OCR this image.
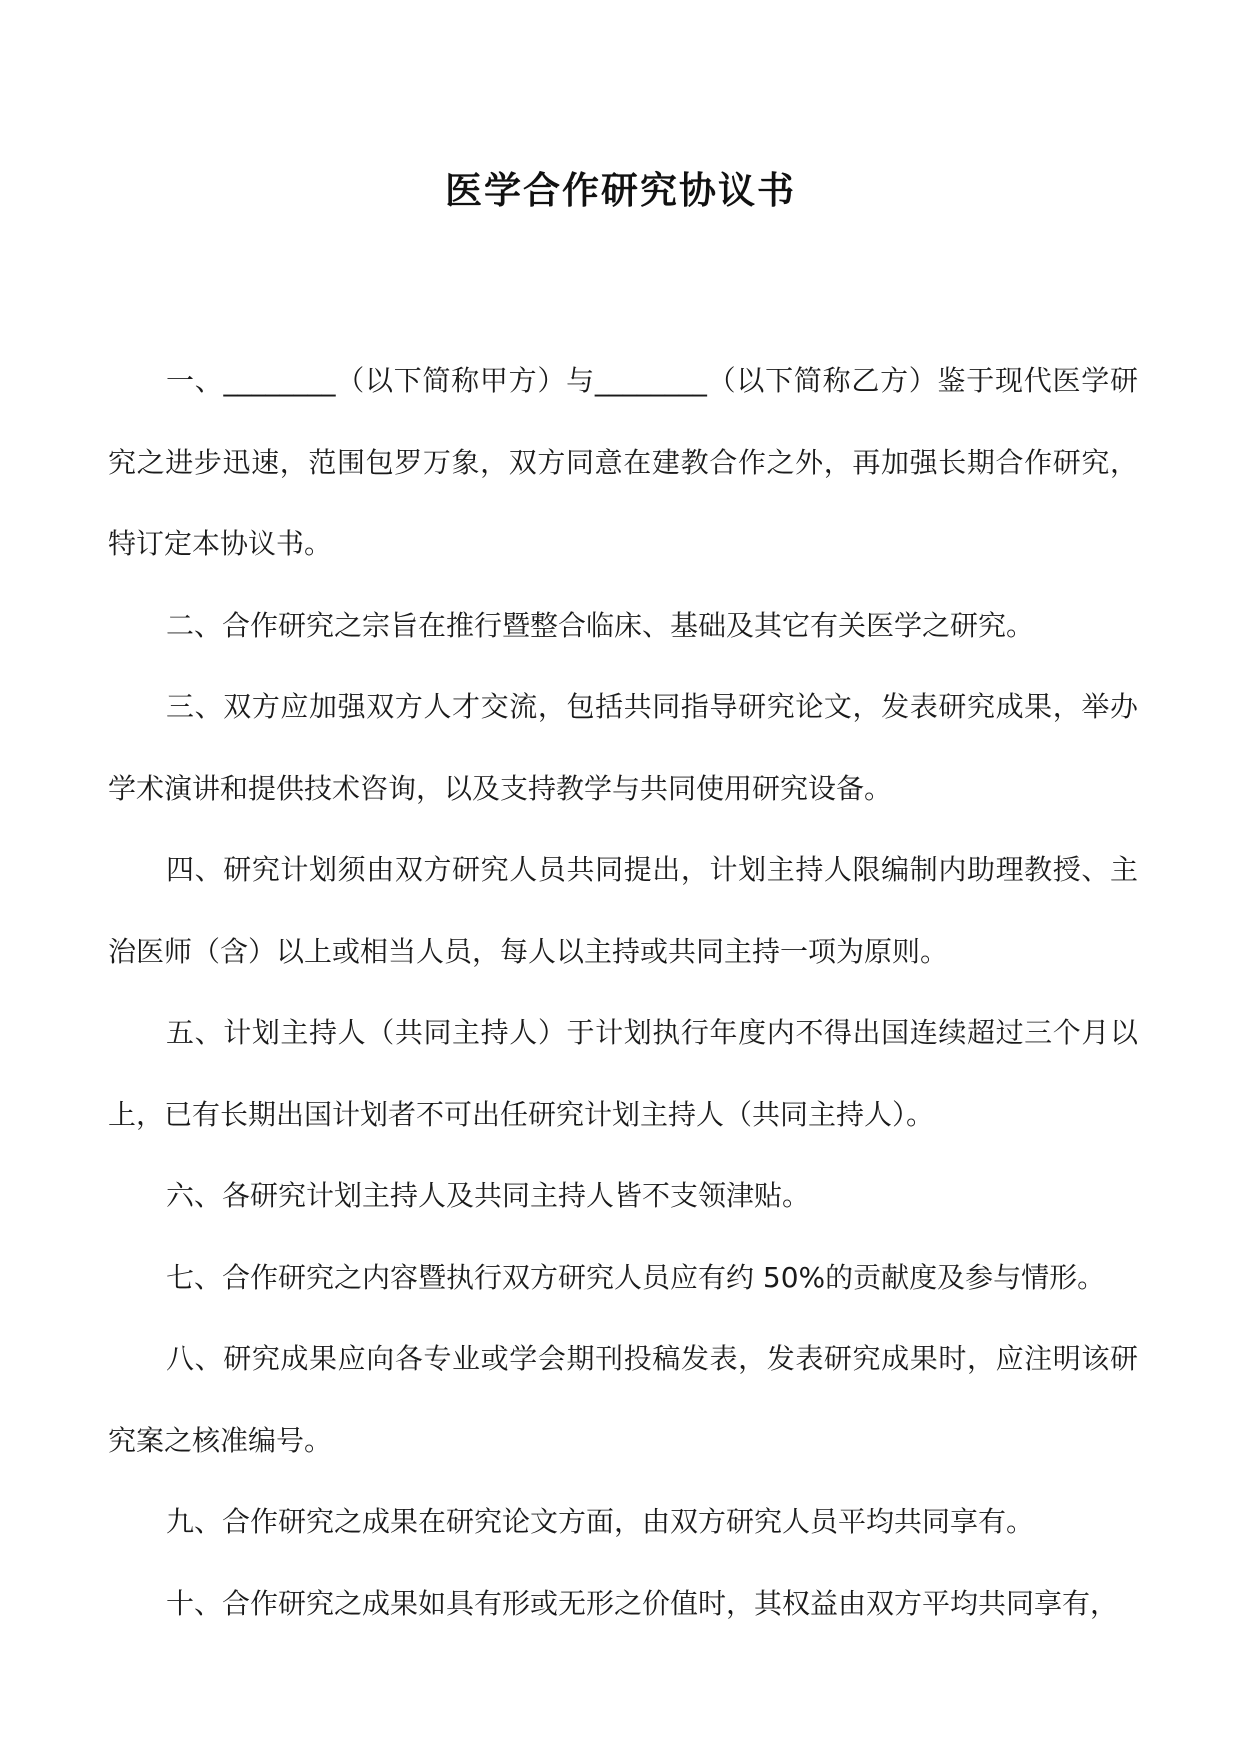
医学合作研究协议书

一、________（以下简称甲方）与________（以下简称乙方）鉴于现代医学研究之进步迅速，范围包罗万象，双方同意在建教合作之外，再加强长期合作研究，特订定本协议书。

二、合作研究之宗旨在推行暨整合临床、基础及其它有关医学之研究。

三、双方应加强双方人才交流，包括共同指导研究论文，发表研究成果，举办学术演讲和提供技术咨询，以及支持教学与共同使用研究设备。

四、研究计划须由双方研究人员共同提出，计划主持人限编制内助理教授、主治医师（含）以上或相当人员，每人以主持或共同主持一项为原则。

五、计划主持人（共同主持人）于计划执行年度内不得出国连续超过三个月以上，已有长期出国计划者不可出任研究计划主持人（共同主持人）。

六、各研究计划主持人及共同主持人皆不支领津贴。

七、合作研究之内容暨执行双方研究人员应有约 50%的贡献度及参与情形。

八、研究成果应向各专业或学会期刊投稿发表，发表研究成果时，应注明该研究案之核准编号。

九、合作研究之成果在研究论文方面，由双方研究人员平均共同享有。

十、合作研究之成果如具有形或无形之价值时，其权益由双方平均共同享有，
